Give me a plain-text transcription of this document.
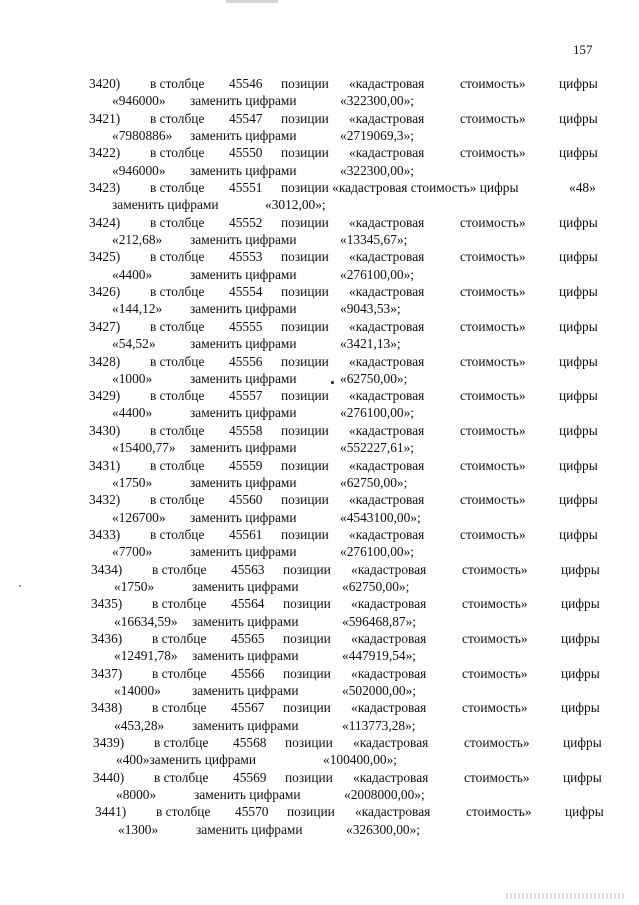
157
3420) в столбце 45546 позиции «кадастровая	стоимость» цифры
«946000» заменить цифрами	«322300,00»;
3421) в столбце 45547 позиции «кадастровая	стоимость» цифры
«7980886» заменить цифрами	«2719069,3»;
3422) в столбце 45550 позиции «кадастровая	стоимость» цифры
«946000» заменить цифрами	«322300,00»;
3423) в столбце 45551 позиции «кадастровая стоимость» цифры	«48»
заменить цифрами	«3012,00»;
3424) в столбце 45552 позиции «кадастровая	стоимость» цифры
«212,68» заменить цифрами	«13345,67»;
3425) в столбце 45553 позиции «кадастровая	стоимость» цифры
«4400»	заменить цифрами	«276100,00»;
3426) в столбце 45554 позиции «кадастровая	стоимость» цифры
«144,12» заменить цифрами	«9043,53»;
3427) в столбце 45555 позиции «кадастровая	стоимость» цифры
«54,52»	заменить цифрами	«3421,13»;
3428) в столбце 45556 позиции «кадастровая	стоимость» цифры
«1000»	заменить цифрами	«62750,00»;
3429) в столбце 45557 позиции «кадастровая	стоимость» цифры
«4400»	заменить цифрами	«276100,00»;
3430) в столбце 45558 позиции «кадастровая	стоимость» цифры
«15400,77» заменить цифрами	«552227,61»;
3431) в столбце 45559 позиции «кадастровая	стоимость» цифры
«1750»	заменить цифрами	«62750,00»;
3432) в столбце 45560 позиции «кадастровая	стоимость» цифры
«126700» заменить цифрами	«4543100,00»;
3433) в столбце 45561 позиции «кадастровая	стоимость» цифры
«7700»	заменить цифрами	«276100,00»;
3434) в столбце 45563 позиции «кадастровая	стоимость» цифры
«1750»	заменить цифрами	«62750,00»;
3435) в столбце 45564 позиции «кадастровая	стоимость» цифры
«16634,59» заменить цифрами	«596468,87»;
3436) в столбце 45565 позиции «кадастровая	стоимость» цифры
«12491,78» заменить цифрами	«447919,54»;
3437) в столбце 45566 позиции «кадастровая	стоимость» цифры
«14000» заменить цифрами	«502000,00»;
3438) в столбце 45567 позиции «кадастровая	стоимость» цифры
«453,28» заменить цифрами	«113773,28»;
3439) в столбце 45568 позиции «кадастровая	стоимость» цифры
«400»заменить цифрами	«100400,00»;
3440) в столбце 45569 позиции «кадастровая	стоимость» цифры
«8000»	заменить цифрами	«2008000,00»;
3441) в столбце 45570 позиции «кадастровая	стоимость» цифры
«1300»	заменить цифрами	«326300,00»;
